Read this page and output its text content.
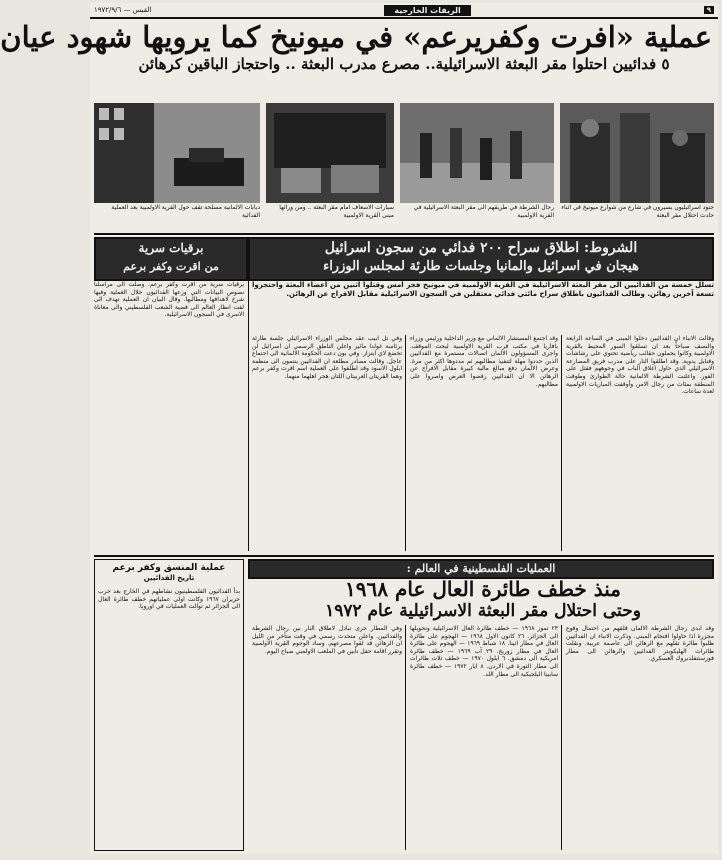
٩
الريفات الخارجية
القبس — ١٩٧٢/٩/٦
عملية «افرت وكفريرعم» في ميونيخ كما يرويها شهود عيان
٥ فدائيين احتلوا مقر البعثة الاسرائيلية.. مصرع مدرب البعثة .. واحتجاز الباقين كرهائن
جنود اسرائيليون يسيرون في شارع من شوارع ميونيخ في اثناء حادث احتلال مقر البعثة
رجال الشرطة في طريقهم الى مقر البعثة الاسرائيلية في القرية الاولمبية
سيارات الاسعاف امام مقر البعثة .. ومن ورائها مبنى القرية الاولمبية
دبابات الالمانية مسلحة تقف حول القرية الاولمبية بعد العملية الفدائية
الشروط: اطلاق سراح ٢٠٠ فدائي من سجون اسرائيل
هيجان في اسرائيل والمانيا وجلسات طارئة لمجلس الوزراء
برقيات سرية
من اقرت وكفر برعم
تسلل خمسة من الفدائيين الى مقر البعثة الاسرائيلية في القرية الاولمبية في ميونيخ فجر امس وقتلوا اثنين من اعضاء البعثة واحتجزوا تسعة آخرين رهائن. وطالب الفدائيون باطلاق سراح مائتي فدائي معتقلين في السجون الاسرائيلية مقابل الافراج عن الرهائن.
وقالت الانباء ان الفدائيين دخلوا المبنى في الساعة الرابعة والنصف صباحاً بعد ان تسلقوا السور المحيط بالقرية الاولمبية وكانوا يحملون حقائب رياضية تحتوي على رشاشات وقنابل يدوية. وقد اطلقوا النار على مدرب فريق المصارعة الاسرائيلي الذي حاول اغلاق الباب في وجوههم فقتل على الفور. واعلنت الشرطة الالمانية حالة الطوارئ وطوقت المنطقة بمئات من رجال الامن وأوقفت المباريات الاولمبية لعدة ساعات.
وقد اجتمع المستشار الالماني مع وزير الداخلية ورئيس وزراء بافاريا في مكتب قرب القرية الاولمبية لبحث الموقف. واجرى المسؤولون الالمان اتصالات مستمرة مع الفدائيين الذين حددوا مهلة لتنفيذ مطالبهم ثم مددوها اكثر من مرة. وعرض الالمان دفع مبالغ مالية كبيرة مقابل الافراج عن الرهائن الا ان الفدائيين رفضوا العرض واصروا على مطالبهم.
وفي تل ابيب عقد مجلس الوزراء الاسرائيلي جلسة طارئة برئاسة غولدا مائير واعلن الناطق الرسمي ان اسرائيل لن تخضع لاي ابتزاز. وفي بون دعت الحكومة الالمانية الى اجتماع عاجل. وقالت مصادر مطلعة ان الفدائيين ينتمون الى منظمة ايلول الاسود وقد اطلقوا على العملية اسم افرت وكفر برعم وهما القريتان العربيتان اللتان هجر اهلهما منهما.
برقيات سرية من اقرت وكفر برعم. وصلت الى مراسلنا نصوص البيانات التي وزعها الفدائيون خلال العملية وفيها شرح لاهدافها ومطالبها. وقال البيان ان العملية تهدف الى لفت انظار العالم الى قضية الشعب الفلسطيني والى معاناة الاسرى في السجون الاسرائيلية.
العمليات الفلسطينية في العالم :
منذ خطف طائرة العال عام ١٩٦٨
وحتى احتلال مقر البعثة الاسرائيلية عام ١٩٧٢
وقد ابدى رجال الشرطة الالمان قلقهم من احتمال وقوع مجزرة اذا حاولوا اقتحام المبنى. وذكرت الانباء ان الفدائيين طلبوا طائرة تقلهم مع الرهائن الى عاصمة عربية. ونقلت طائرات الهليكوبتر الفدائيين والرهائن الى مطار فورستنفلدبروك العسكري.
٢٣ تموز ١٩٦٨ — خطف طائرة العال الاسرائيلية وتحويلها الى الجزائر. ٢٦ كانون الاول ١٩٦٨ — الهجوم على طائرة العال في مطار اثينا. ١٨ شباط ١٩٦٩ — الهجوم على طائرة العال في مطار زوريخ. ٢٩ آب ١٩٦٩ — خطف طائرة امريكية الى دمشق. ٦ ايلول ١٩٧٠ — خطف ثلاث طائرات الى مطار الثورة في الاردن. ٨ ايار ١٩٧٢ — خطف طائرة سابينا البلجيكية الى مطار اللد.
وفي المطار جرى تبادل لاطلاق النار بين رجال الشرطة والفدائيين. واعلن متحدث رسمي في وقت متأخر من الليل ان الرهائن قد لقوا مصرعهم. وساد الوجوم القرية الاولمبية وتقرر اقامة حفل تأبين في الملعب الاولمبي صباح اليوم.
عملية المنسق وكفر برعم
تاريخ الفدائيين

بدأ الفدائيون الفلسطينيون نشاطهم في الخارج بعد حرب حزيران ١٩٦٧ وكانت اولى عملياتهم خطف طائرة العال الى الجزائر ثم توالت العمليات في اوروبا.
